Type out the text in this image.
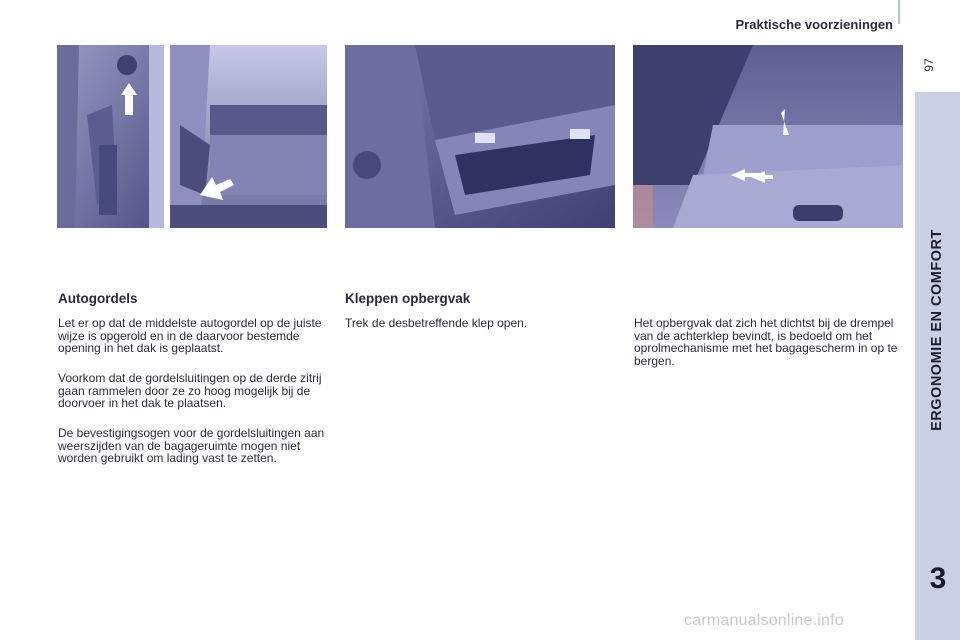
Praktische voorzieningen
97
ERGONOMIE EN COMFORT
3
Autogordels

Let er op dat de middelste autogordel op de juiste wijze is opgerold en in de daarvoor bestemde opening in het dak is geplaatst.

Voorkom dat de gordelsluitingen op de derde zitrij gaan rammelen door ze zo hoog mogelijk bij de doorvoer in het dak te plaatsen.

De bevestigingsogen voor de gordelsluitingen aan weerszijden van de bagageruimte mogen niet worden gebruikt om lading vast te zetten.

Kleppen opbergvak

Trek de desbetreffende klep open.	Het opbergvak dat zich het dichtst bij de drempel van de achterklep bevindt, is bedoeld om het oprolmechanisme met het bagagescherm in op te bergen.

carmanualsonline.info
